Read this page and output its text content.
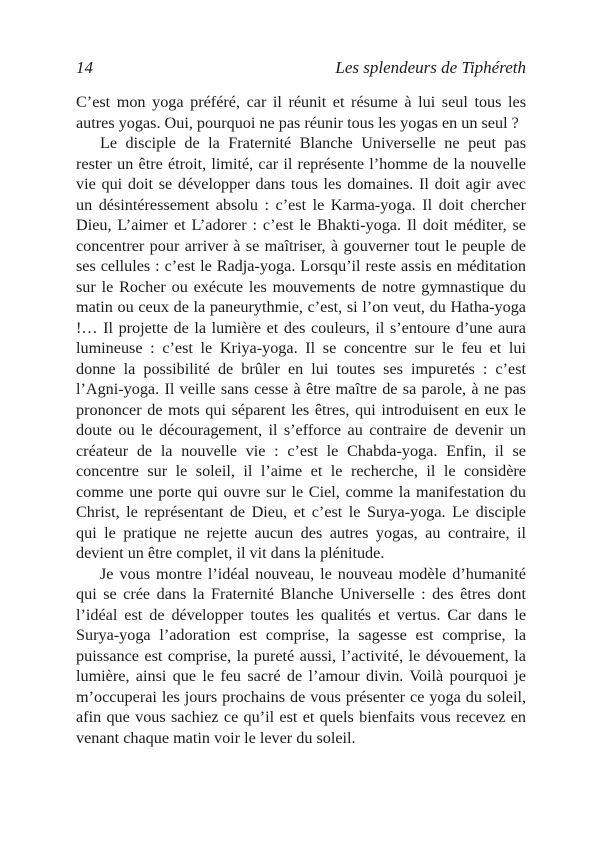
14	Les splendeurs de Tiphéreth

C’est mon yoga préféré, car il réunit et résume à lui seul tous les autres yogas. Oui, pourquoi ne pas réunir tous les yogas en un seul ?

Le disciple de la Fraternité Blanche Universelle ne peut pas rester un être étroit, limité, car il représente l’homme de la nouvelle vie qui doit se développer dans tous les domaines. Il doit agir avec un désintéressement absolu : c’est le Karma-yoga. Il doit chercher Dieu, L’aimer et L’adorer : c’est le Bhakti-yoga. Il doit méditer, se concentrer pour arriver à se maîtriser, à gouverner tout le peuple de ses cellules : c’est le Radja-yoga. Lorsqu’il reste assis en méditation sur le Rocher ou exécute les mouvements de notre gymnastique du matin ou ceux de la paneurythmie, c’est, si l’on veut, du Hatha-yoga !… Il projette de la lumière et des couleurs, il s’entoure d’une aura lumineuse : c’est le Kriya-yoga. Il se concentre sur le feu et lui donne la possibilité de brûler en lui toutes ses impuretés : c’est l’Agni-yoga. Il veille sans cesse à être maître de sa parole, à ne pas prononcer de mots qui séparent les êtres, qui introduisent en eux le doute ou le découragement, il s’efforce au contraire de devenir un créateur de la nouvelle vie : c’est le Chabda-yoga. Enfin, il se concentre sur le soleil, il l’aime et le recherche, il le considère comme une porte qui ouvre sur le Ciel, comme la manifestation du Christ, le représentant de Dieu, et c’est le Surya-yoga. Le disciple qui le pratique ne rejette aucun des autres yogas, au contraire, il devient un être complet, il vit dans la plénitude.

Je vous montre l’idéal nouveau, le nouveau modèle d’humanité qui se crée dans la Fraternité Blanche Universelle : des êtres dont l’idéal est de développer toutes les qualités et vertus. Car dans le Surya-yoga l’adoration est comprise, la sagesse est comprise, la puissance est comprise, la pureté aussi, l’activité, le dévouement, la lumière, ainsi que le feu sacré de l’amour divin. Voilà pourquoi je m’occuperai les jours prochains de vous présenter ce yoga du soleil, afin que vous sachiez ce qu’il est et quels bienfaits vous recevez en venant chaque matin voir le lever du soleil.
